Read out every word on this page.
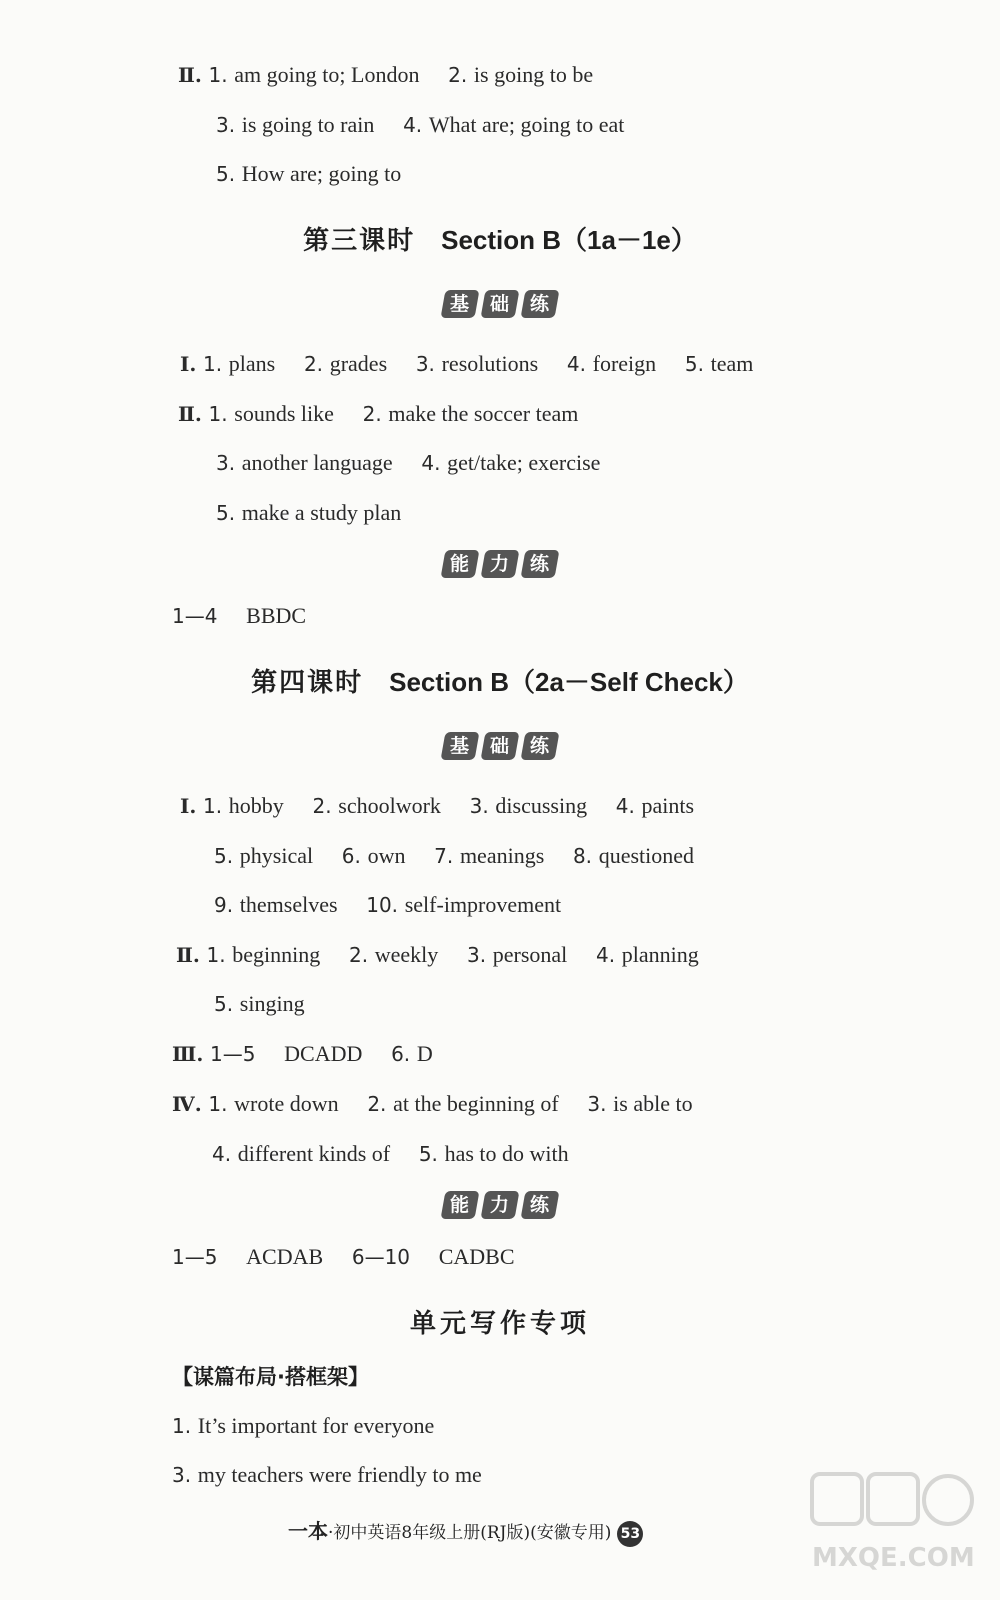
Ⅱ. 1. am going to; London 2. is going to be
3. is going to rain 4. What are; going to eat
5. How are; going to
第三课时 Section B（1a－1e）
基 础 练
Ⅰ. 1. plans 2. grades 3. resolutions 4. foreign 5. team
Ⅱ. 1. sounds like 2. make the soccer team
3. another language 4. get/take; exercise
5. make a study plan
能 力 练
1—4 BBDC
第四课时 Section B（2a－Self Check）
基 础 练
Ⅰ. 1. hobby 2. schoolwork 3. discussing 4. paints
5. physical 6. own 7. meanings 8. questioned
9. themselves 10. self-improvement
Ⅱ. 1. beginning 2. weekly 3. personal 4. planning
5. singing
Ⅲ. 1—5 DCADD 6. D
Ⅳ. 1. wrote down 2. at the beginning of 3. is able to
4. different kinds of 5. has to do with
能 力 练
1—5 ACDAB 6—10 CADBC
单元写作专项
【谋篇布局·搭框架】
1. It’s important for everyone
3. my teachers were friendly to me
一本·初中英语8年级上册(RJ版)(安徽专用) 53
MXQE.COM
